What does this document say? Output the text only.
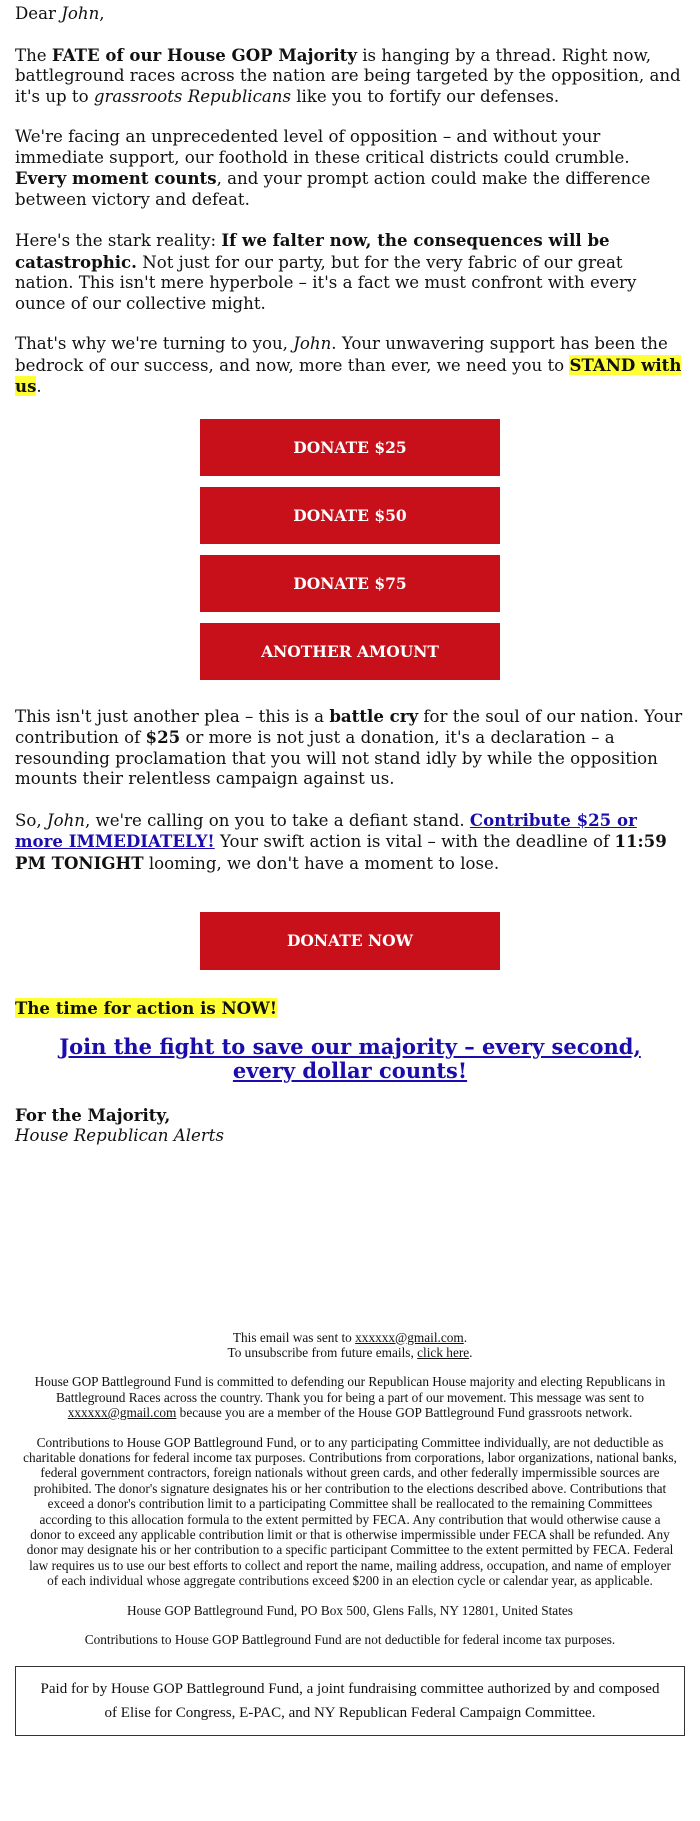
Dear John,

The FATE of our House GOP Majority is hanging by a thread. Right now, battleground races across the nation are being targeted by the opposition, and it's up to grassroots Republicans like you to fortify our defenses.

We're facing an unprecedented level of opposition – and without your immediate support, our foothold in these critical districts could crumble. Every moment counts, and your prompt action could make the difference between victory and defeat.

Here's the stark reality: If we falter now, the consequences will be catastrophic. Not just for our party, but for the very fabric of our great nation. This isn't mere hyperbole – it's a fact we must confront with every ounce of our collective might.

That's why we're turning to you, John. Your unwavering support has been the bedrock of our success, and now, more than ever, we need you to STAND with us.

DONATE $25
DONATE $50
DONATE $75
ANOTHER AMOUNT

This isn't just another plea – this is a battle cry for the soul of our nation. Your contribution of $25 or more is not just a donation, it's a declaration – a resounding proclamation that you will not stand idly by while the opposition mounts their relentless campaign against us.

So, John, we're calling on you to take a defiant stand. Contribute $25 or more IMMEDIATELY! Your swift action is vital – with the deadline of 11:59 PM TONIGHT looming, we don't have a moment to lose.

DONATE NOW

The time for action is NOW!

Join the fight to save our majority – every second, every dollar counts!

For the Majority,
House Republican Alerts

This email was sent to xxxxxx@gmail.com.
To unsubscribe from future emails, click here.
House GOP Battleground Fund is committed to defending our Republican House majority and electing Republicans in Battleground Races across the country. Thank you for being a part of our movement. This message was sent to xxxxxx@gmail.com because you are a member of the House GOP Battleground Fund grassroots network.
Contributions to House GOP Battleground Fund, or to any participating Committee individually, are not deductible as charitable donations for federal income tax purposes. Contributions from corporations, labor organizations, national banks, federal government contractors, foreign nationals without green cards, and other federally impermissible sources are prohibited. The donor's signature designates his or her contribution to the elections described above. Contributions that exceed a donor's contribution limit to a participating Committee shall be reallocated to the remaining Committees according to this allocation formula to the extent permitted by FECA. Any contribution that would otherwise cause a donor to exceed any applicable contribution limit or that is otherwise impermissible under FECA shall be refunded. Any donor may designate his or her contribution to a specific participant Committee to the extent permitted by FECA. Federal law requires us to use our best efforts to collect and report the name, mailing address, occupation, and name of employer of each individual whose aggregate contributions exceed $200 in an election cycle or calendar year, as applicable.
House GOP Battleground Fund, PO Box 500, Glens Falls, NY 12801, United States
Contributions to House GOP Battleground Fund are not deductible for federal income tax purposes.
Paid for by House GOP Battleground Fund, a joint fundraising committee authorized by and composed of Elise for Congress, E-PAC, and NY Republican Federal Campaign Committee.
